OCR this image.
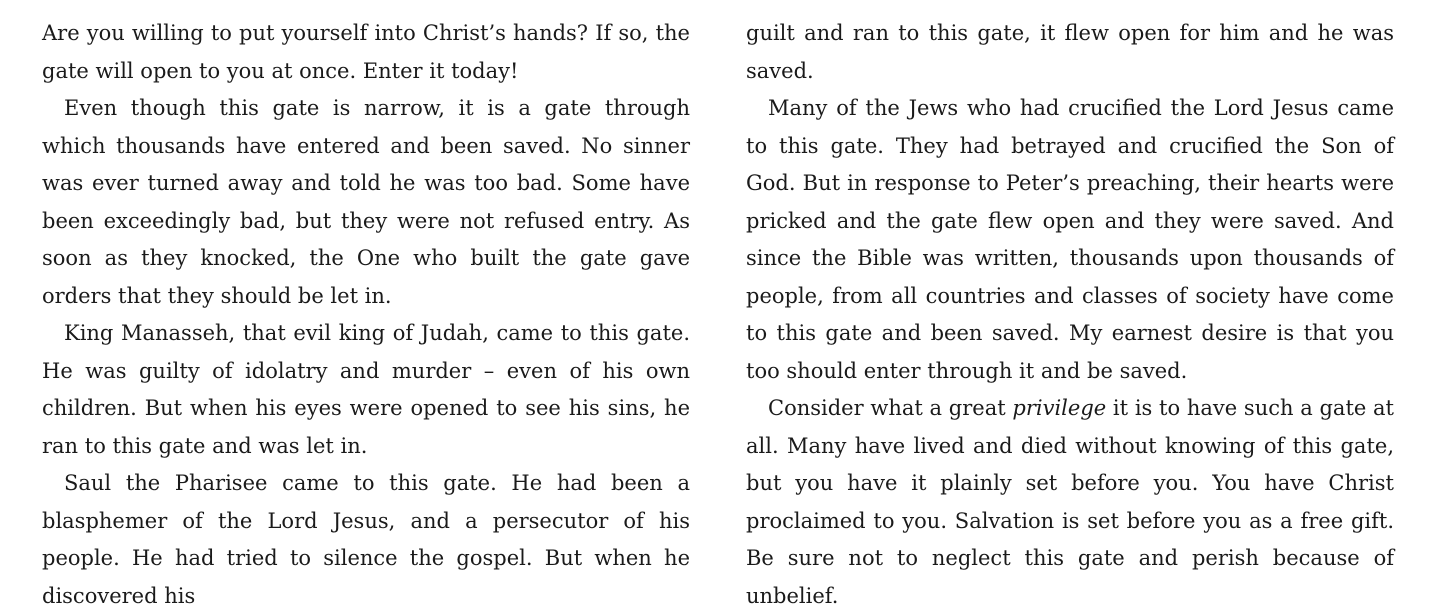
Are you willing to put yourself into Christ’s hands? If so, the gate will open to you at once. Enter it today!

Even though this gate is narrow, it is a gate through which thousands have entered and been saved. No sinner was ever turned away and told he was too bad. Some have been exceedingly bad, but they were not refused entry. As soon as they knocked, the One who built the gate gave orders that they should be let in.

King Manasseh, that evil king of Judah, came to this gate. He was guilty of idolatry and murder – even of his own children. But when his eyes were opened to see his sins, he ran to this gate and was let in.

Saul the Pharisee came to this gate. He had been a blasphemer of the Lord Jesus, and a persecutor of his people. He had tried to silence the gospel. But when he discovered his

guilt and ran to this gate, it flew open for him and he was saved.

Many of the Jews who had crucified the Lord Jesus came to this gate. They had betrayed and crucified the Son of God. But in response to Peter’s preaching, their hearts were pricked and the gate flew open and they were saved. And since the Bible was written, thousands upon thousands of people, from all countries and classes of society have come to this gate and been saved. My earnest desire is that you too should enter through it and be saved.

Consider what a great privilege it is to have such a gate at all. Many have lived and died without knowing of this gate, but you have it plainly set before you. You have Christ proclaimed to you. Salvation is set before you as a free gift. Be sure not to neglect this gate and perish because of unbelief.
